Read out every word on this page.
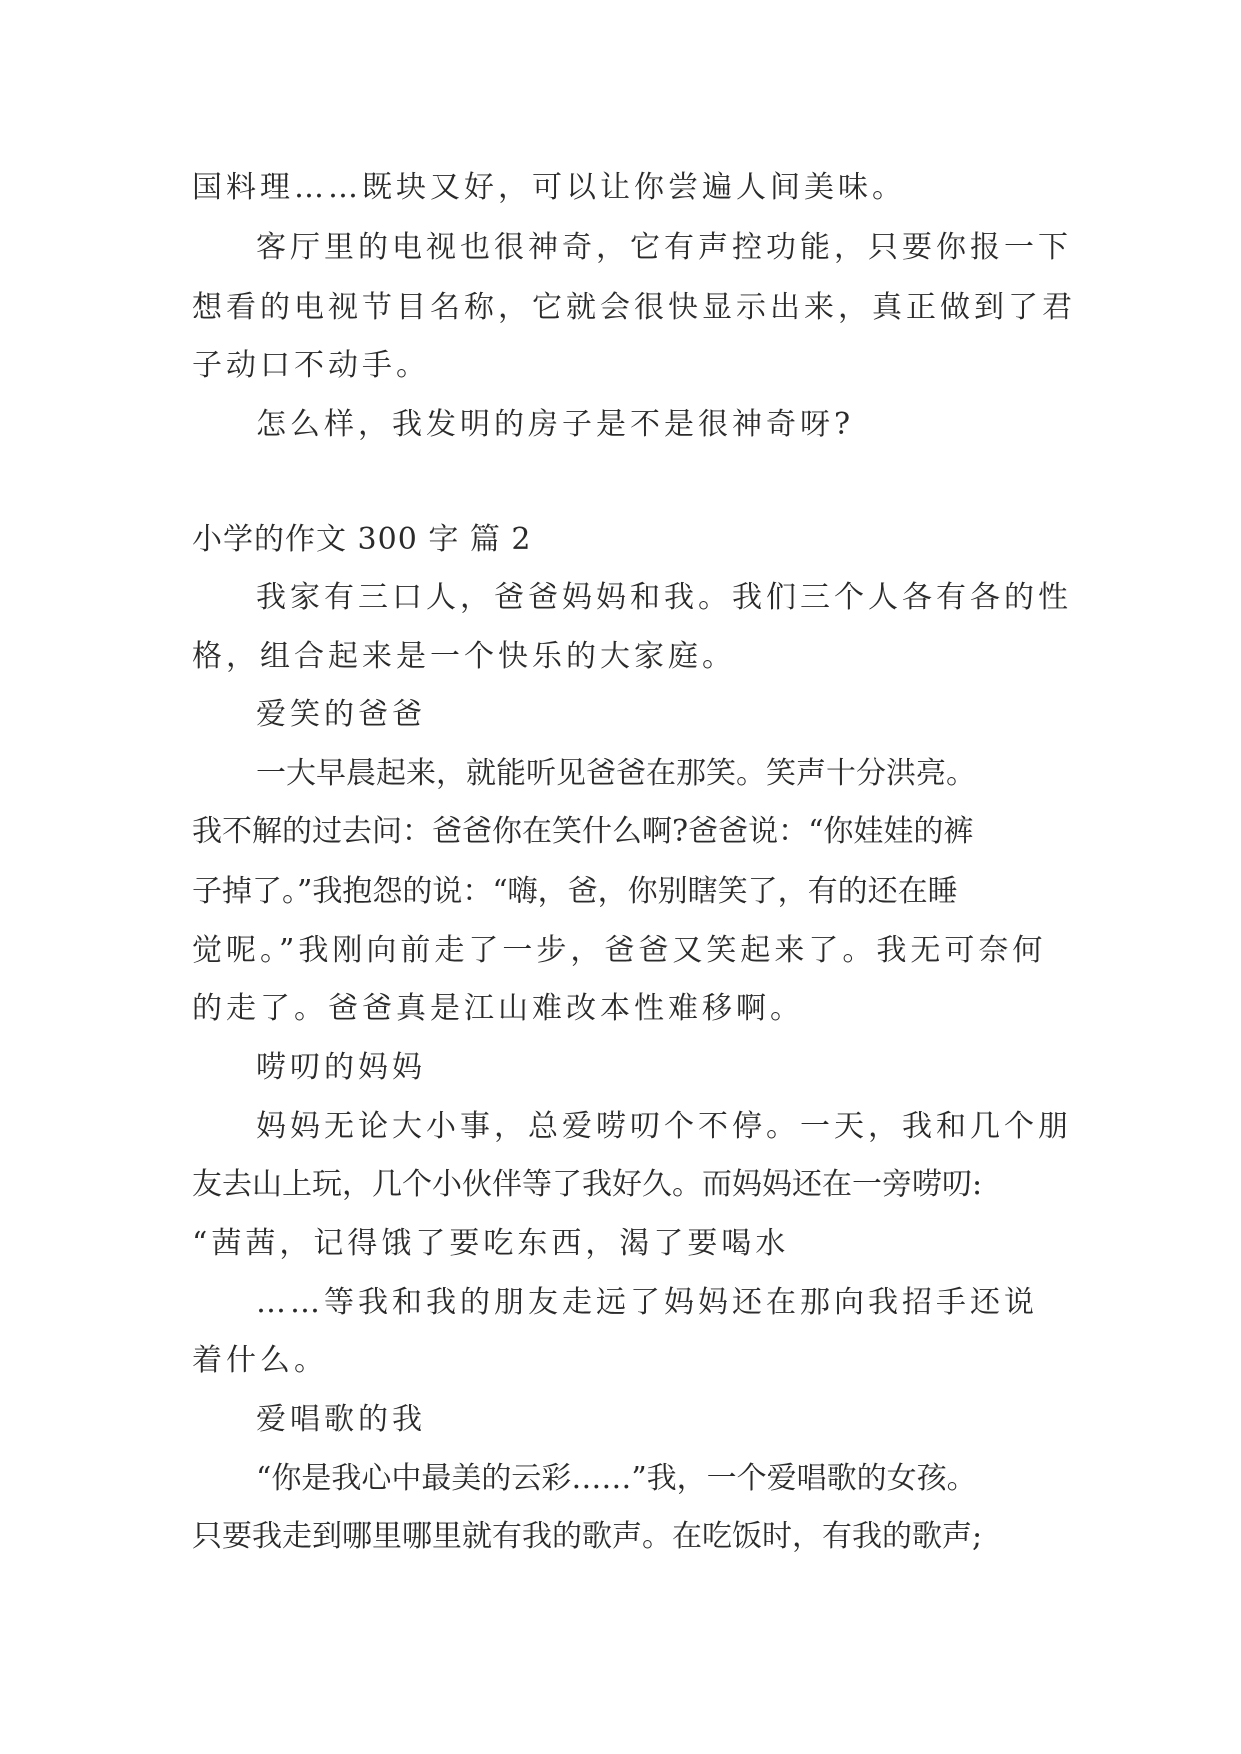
国料理……既块又好，可以让你尝遍人间美味。
客厅里的电视也很神奇，它有声控功能，只要你报一下
想看的电视节目名称，它就会很快显示出来，真正做到了君
子动口不动手。
怎么样，我发明的房子是不是很神奇呀?
小学的作文 300 字 篇 2
我家有三口人，爸爸妈妈和我。我们三个人各有各的性
格，组合起来是一个快乐的大家庭。
爱笑的爸爸
一大早晨起来，就能听见爸爸在那笑。笑声十分洪亮。
我不解的过去问：爸爸你在笑什么啊?爸爸说：“你娃娃的裤
子掉了。”我抱怨的说：“嗨，爸，你别瞎笑了，有的还在睡
觉呢。”我刚向前走了一步，爸爸又笑起来了。我无可奈何
的走了。爸爸真是江山难改本性难移啊。
唠叨的妈妈
妈妈无论大小事，总爱唠叨个不停。一天，我和几个朋
友去山上玩，几个小伙伴等了我好久。而妈妈还在一旁唠叨:
“茜茜，记得饿了要吃东西，渴了要喝水
……等我和我的朋友走远了妈妈还在那向我招手还说
着什么。
爱唱歌的我
“你是我心中最美的云彩……”我，一个爱唱歌的女孩。
只要我走到哪里哪里就有我的歌声。在吃饭时，有我的歌声;
